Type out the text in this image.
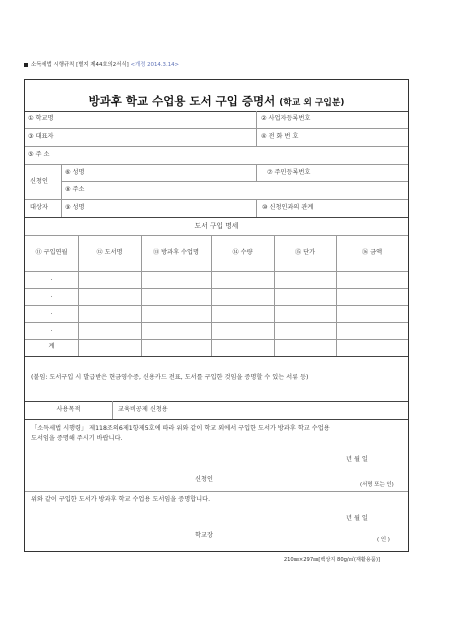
소득세법 시행규칙 [별지 제44호의2서식] <개정 2014.3.14>
방과후 학교 수업용 도서 구입 증명서 (학교 외 구입분)
① 학교명	② 사업자등록번호
③ 대표자	④ 전 화 번 호
⑤ 주 소
신청인
⑥ 성명	⑦ 주민등록번호
⑧ 주소
대상자	⑨ 성명	⑩ 신청인과의 관계
도서 구입 명세
⑪ 구입연월	⑫ 도서명	⑬ 방과후 수업명	⑭ 수량	⑮ 단가	⑯ 금액
.
.
.
.
계
(붙임: 도서구입 시 발급받은 현금영수증, 신용카드 전표, 도서를 구입한 것임을 증명할 수 있는 서류 등)
사용목적	교육비공제 신청용
「소득세법 시행령」 제118조의6제1항제5호에 따라 위와 같이 학교 외에서 구입한 도서가 방과후 학교 수업용
도서임을 증명해 주시기 바랍니다.
년 월 일
신청인
(서명 또는 인)
위와 같이 구입한 도서가 방과후 학교 수업용 도서임을 증명합니다.
년 월 일
학교장
( 인 )
210㎜×297㎜[백상지 80g/㎡(재활용품)]
